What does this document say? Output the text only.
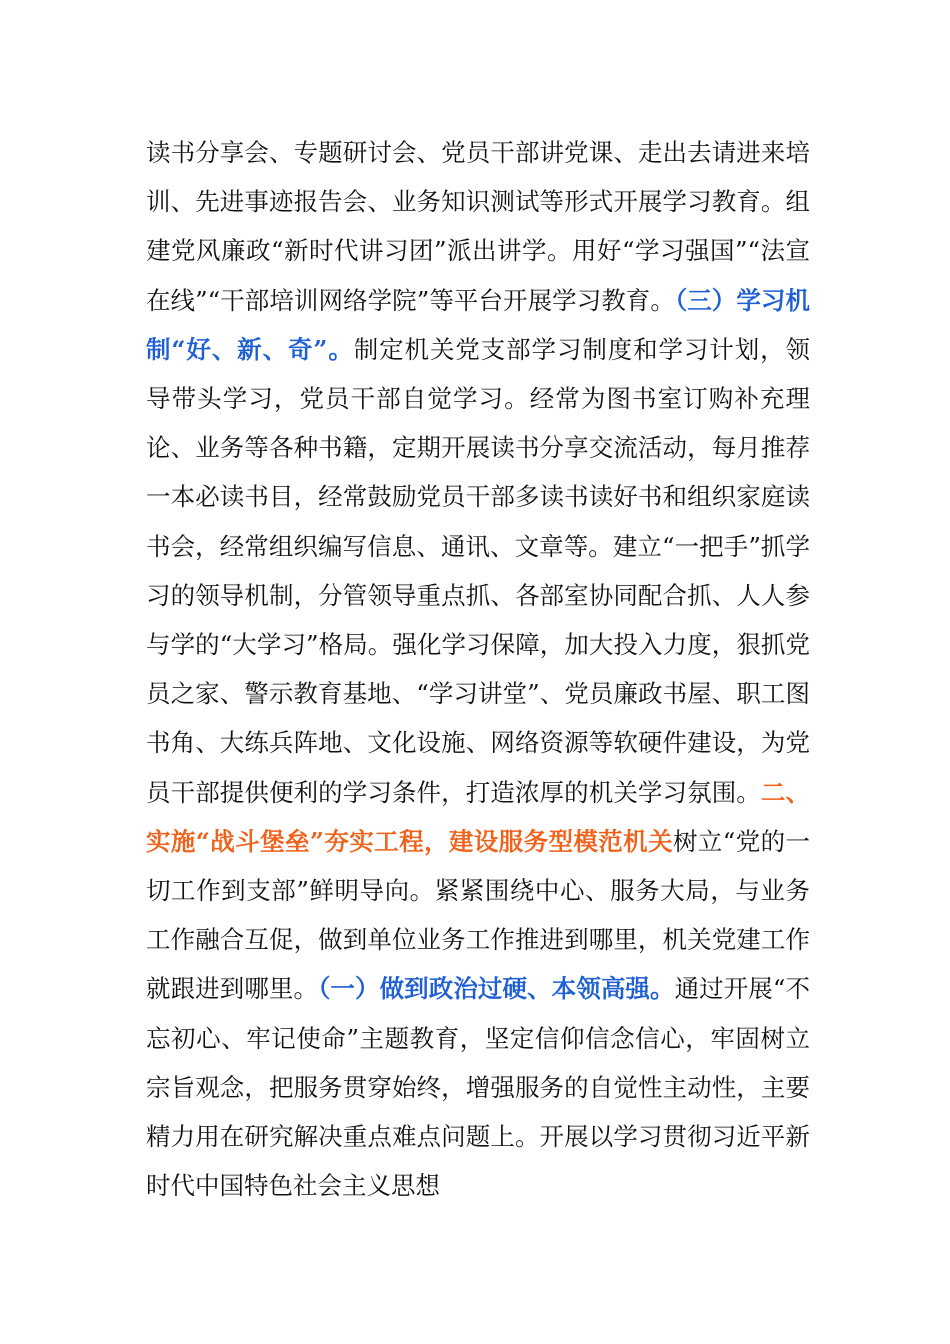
读书分享会、专题研讨会、党员干部讲党课、走出去请进来培训、先进事迹报告会、业务知识测试等形式开展学习教育。组建党风廉政“新时代讲习团”派出讲学。用好“学习强国”“法宣在线”“干部培训网络学院”等平台开展学习教育。（三）学习机制“好、新、奇”。制定机关党支部学习制度和学习计划，领导带头学习，党员干部自觉学习。经常为图书室订购补充理论、业务等各种书籍，定期开展读书分享交流活动，每月推荐一本必读书目，经常鼓励党员干部多读书读好书和组织家庭读书会，经常组织编写信息、通讯、文章等。建立“一把手”抓学习的领导机制，分管领导重点抓、各部室协同配合抓、人人参与学的“大学习”格局。强化学习保障，加大投入力度，狠抓党员之家、警示教育基地、“学习讲堂”、党员廉政书屋、职工图书角、大练兵阵地、文化设施、网络资源等软硬件建设，为党员干部提供便利的学习条件，打造浓厚的机关学习氛围。二、实施“战斗堡垒”夯实工程，建设服务型模范机关树立“党的一切工作到支部”鲜明导向。紧紧围绕中心、服务大局，与业务工作融合互促，做到单位业务工作推进到哪里，机关党建工作就跟进到哪里。（一）做到政治过硬、本领高强。通过开展“不忘初心、牢记使命”主题教育，坚定信仰信念信心，牢固树立宗旨观念，把服务贯穿始终，增强服务的自觉性主动性，主要精力用在研究解决重点难点问题上。开展以学习贯彻习近平新时代中国特色社会主义思想
